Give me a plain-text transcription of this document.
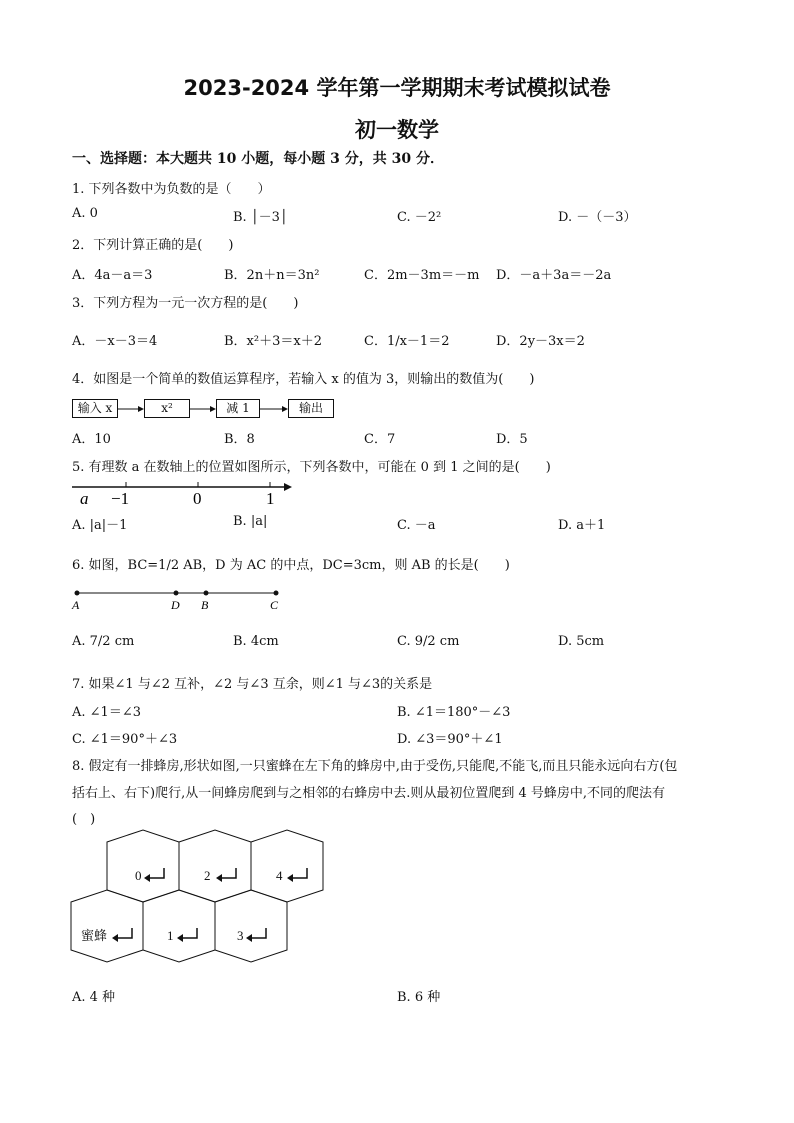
2023-2024 学年第一学期期末考试模拟试卷
初一数学
一、选择题：本大题共 10 小题，每小题 3 分，共 30 分．
1. 下列各数中为负数的是（　　）
A. 0	B. │－3│	C. －2²	D. －（－3）
2．下列计算正确的是(　　)
A．4a－a＝3	B．2n＋n＝3n²	C．2m－3m＝－m D．－a＋3a＝－2a
3．下列方程为一元一次方程的是(　　)
A．－x－3＝4	B．x²＋3＝x＋2	C．1/x－1＝2	D．2y－3x＝2
4．如图是一个简单的数值运算程序，若输入 x 的值为 3，则输出的数值为(　　)
输入 x	x²	减 1	输出
A．10	B．8	C．7	D．5
5. 有理数 a 在数轴上的位置如图所示，下列各数中，可能在 0 到 1 之间的是(　　)
a −1	0	1
A. |a|－1	B. |a|	C. －a	D. a＋1
6. 如图，BC=1/2 AB，D 为 AC 的中点，DC=3cm，则 AB 的长是(　　)
A	D B	C
A. 7/2 cm	B. 4cm	C. 9/2 cm	D. 5cm
7. 如果∠1 与∠2 互补，∠2 与∠3 互余，则∠1 与∠3的关系是
A. ∠1＝∠3	B. ∠1＝180°－∠3
C. ∠1＝90°＋∠3	D. ∠3＝90°＋∠1
8. 假定有一排蜂房,形状如图,一只蜜蜂在左下角的蜂房中,由于受伤,只能爬,不能飞,而且只能永远向右方(包
括右上、右下)爬行,从一间蜂房爬到与之相邻的右蜂房中去.则从最初位置爬到 4 号蜂房中,不同的爬法有
(　)
0	2	4
蜜蜂	1	3
A. 4 种	B. 6 种
